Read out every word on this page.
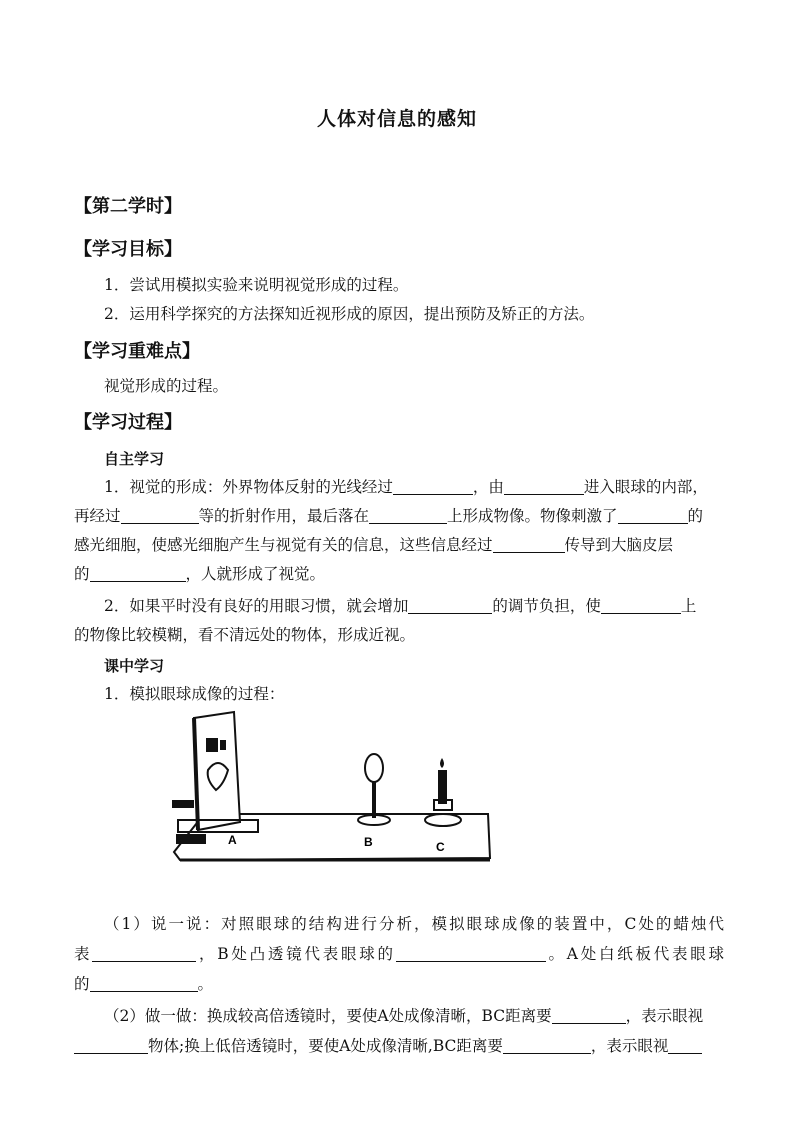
人体对信息的感知
【第二学时】
【学习目标】
1．尝试用模拟实验来说明视觉形成的过程。
2．运用科学探究的方法探知近视形成的原因，提出预防及矫正的方法。
【学习重难点】
视觉形成的过程。
【学习过程】
自主学习
1．视觉的形成：外界物体反射的光线经过	，由	进入眼球的内部，
再经过	等的折射作用，最后落在	上形成物像。物像刺激了	的
感光细胞，使感光细胞产生与视觉有关的信息，这些信息经过	传导到大脑皮层
的	，人就形成了视觉。
2．如果平时没有良好的用眼习惯，就会增加	的调节负担，使	上
的物像比较模糊，看不清远处的物体，形成近视。
课中学习
1．模拟眼球成像的过程：
A	B	C
（1）说一说：对照眼球的结构进行分析，模拟眼球成像的装置中，C处的蜡烛代
表	，B处凸透镜代表眼球的	。A处白纸板代表眼球
的	。
（2）做一做：换成较高倍透镜时，要使A处成像清晰，BC距离要	，表示眼视
物体;换上低倍透镜时，要使A处成像清晰,BC距离要	，表示眼视
